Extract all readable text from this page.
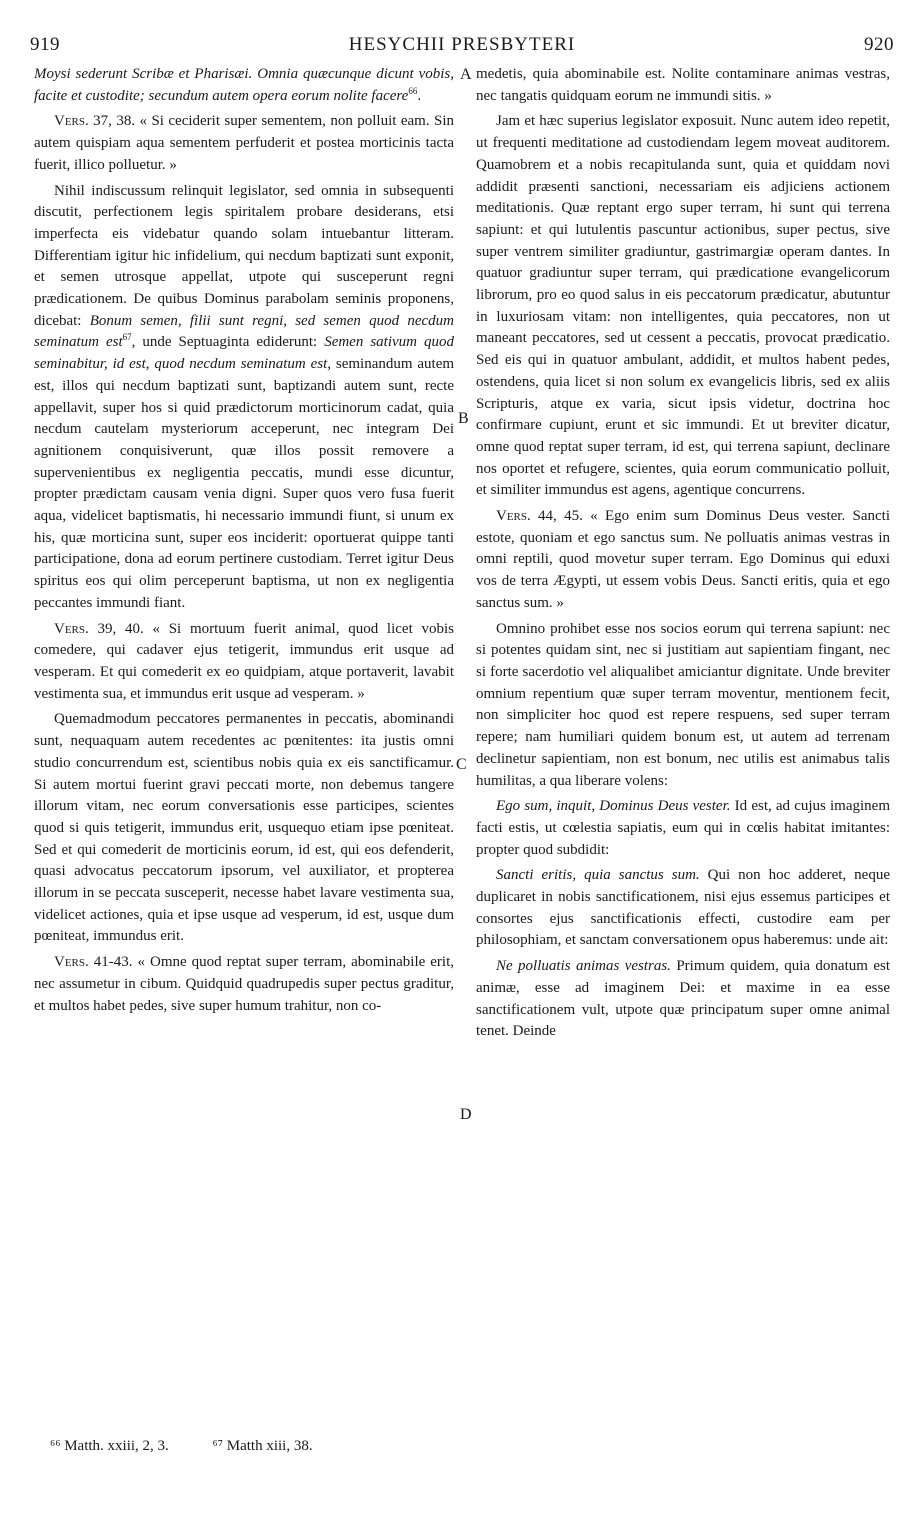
919	HESYCHII PRESBYTERI	920

Moysi sederunt Scribæ et Pharisæi. Omnia quæcunque dicunt vobis, facite et custodite; secundum autem opera eorum nolite facere$^{66}$.

Vers. 37, 38. « Si ceciderit super sementem, non polluit eam. Sin autem quispiam aqua sementem perfuderit et postea morticinis tacta fuerit, illico polluetur. »

Nihil indiscussum relinquit legislator, sed omnia in subsequenti discutit, perfectionem legis spiritalem probare desiderans, etsi imperfecta eis videbatur quando solam intuebantur litteram. Differentiam igitur hic infidelium, qui necdum baptizati sunt exponit, et semen utrosque appellat, utpote qui susceperunt regni prædicationem. De quibus Dominus parabolam seminis proponens, dicebat: Bonum semen, filii sunt regni, sed semen quod necdum seminatum est$^{67}$, unde Septuaginta ediderunt: Semen sativum quod seminabitur, id est, quod necdum seminatum est, seminandum autem est, illos qui necdum baptizati sunt, baptizandi autem sunt, recte appellavit, super hos si quid prædictorum morticinorum cadat, quia necdum cautelam mysteriorum acceperunt, nec integram Dei agnitionem conquisiverunt, quæ illos possit removere a supervenientibus ex negligentia peccatis, mundi esse dicuntur, propter prædictam causam venia digni. Super quos vero fusa fuerit aqua, videlicet baptismatis, hi necessario immundi fiunt, si unum ex his, quæ morticina sunt, super eos inciderit: oportuerat quippe tanti participatione, dona ad eorum pertinere custodiam. Terret igitur Deus spiritus eos qui olim perceperunt baptisma, ut non ex negligentia peccantes immundi fiant.

Vers. 39, 40. « Si mortuum fuerit animal, quod licet vobis comedere, qui cadaver ejus tetigerit, immundus erit usque ad vesperam. Et qui comederit ex eo quidpiam, atque portaverit, lavabit vestimenta sua, et immundus erit usque ad vesperam. »

Quemadmodum peccatores permanentes in peccatis, abominandi sunt, nequaquam autem recedentes ac pœnitentes: ita justis omni studio concurrendum est, scientibus nobis quia ex eis sanctificamur. Si autem mortui fuerint gravi peccati morte, non debemus tangere illorum vitam, nec eorum conversationis esse participes, scientes quod si quis tetigerit, immundus erit, usquequo etiam ipse pœniteat. Sed et qui comederit de morticinis eorum, id est, qui eos defenderit, quasi advocatus peccatorum ipsorum, vel auxiliator, et propterea illorum in se peccata susceperit, necesse habet lavare vestimenta sua, videlicet actiones, quia et ipse usque ad vesperum, id est, usque dum pœniteat, immundus erit.

Vers. 41-43. « Omne quod reptat super terram, abominabile erit, nec assumetur in cibum. Quidquid quadrupedis super pectus graditur, et multos habet pedes, sive super humum trahitur, non co-

A
B
C
D

medetis, quia abominabile est. Nolite contaminare animas vestras, nec tangatis quidquam eorum ne immundi sitis. »

Jam et hæc superius legislator exposuit. Nunc autem ideo repetit, ut frequenti meditatione ad custodiendam legem moveat auditorem. Quamobrem et a nobis recapitulanda sunt, quia et quiddam novi addidit præsenti sanctioni, necessariam eis adjiciens actionem meditationis. Quæ reptant ergo super terram, hi sunt qui terrena sapiunt: et qui lutulentis pascuntur actionibus, super pectus, sive super ventrem similiter gradiuntur, gastrimargiæ operam dantes. In quatuor gradiuntur super terram, qui prædicatione evangelicorum librorum, pro eo quod salus in eis peccatorum prædicatur, abutuntur in luxuriosam vitam: non intelligentes, quia peccatores, non ut maneant peccatores, sed ut cessent a peccatis, provocat prædicatio. Sed eis qui in quatuor ambulant, addidit, et multos habent pedes, ostendens, quia licet si non solum ex evangelicis libris, sed ex aliis Scripturis, atque ex varia, sicut ipsis videtur, doctrina hoc confirmare cupiunt, erunt et sic immundi. Et ut breviter dicatur, omne quod reptat super terram, id est, qui terrena sapiunt, declinare nos oportet et refugere, scientes, quia eorum communicatio polluit, et similiter immundus est agens, agentique concurrens.

Vers. 44, 45. « Ego enim sum Dominus Deus vester. Sancti estote, quoniam et ego sanctus sum. Ne polluatis animas vestras in omni reptili, quod movetur super terram. Ego Dominus qui eduxi vos de terra Ægypti, ut essem vobis Deus. Sancti eritis, quia et ego sanctus sum. »

Omnino prohibet esse nos socios eorum qui terrena sapiunt: nec si potentes quidam sint, nec si justitiam aut sapientiam fingant, nec si forte sacerdotio vel aliqualibet amiciantur dignitate. Unde breviter omnium repentium quæ super terram moventur, mentionem fecit, non simpliciter hoc quod est repere respuens, sed super terram repere; nam humiliari quidem bonum est, ut autem ad terrenam declinetur sapientiam, non est bonum, nec utilis est animabus talis humilitas, a qua liberare volens:

Ego sum, inquit, Dominus Deus vester. Id est, ad cujus imaginem facti estis, ut cœlestia sapiatis, eum qui in cœlis habitat imitantes: propter quod subdidit:

Sancti eritis, quia sanctus sum. Qui non hoc adderet, neque duplicaret in nobis sanctificationem, nisi ejus essemus participes et consortes ejus sanctificationis effecti, custodire eam per philosophiam, et sanctam conversationem opus haberemus: unde ait:

Ne polluatis animas vestras. Primum quidem, quia donatum est animæ, esse ad imaginem Dei: et maxime in ea esse sanctificationem vult, utpote quæ principatum super omne animal tenet. Deinde

⁶⁶ Matth. xxiii, 2, 3.	⁶⁷ Matth xiii, 38.
